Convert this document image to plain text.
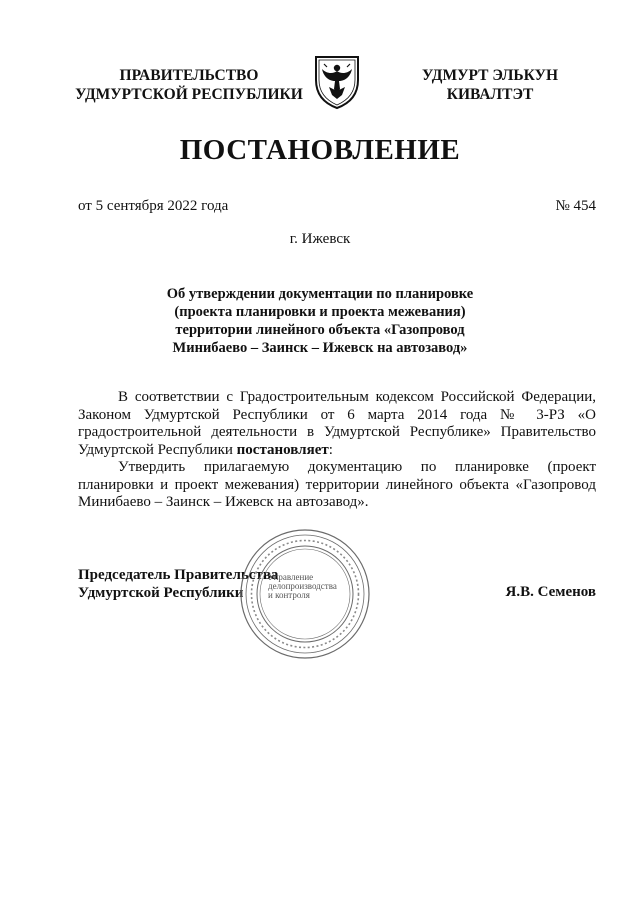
ПРАВИТЕЛЬСТВО
УДМУРТСКОЙ РЕСПУБЛИКИ
УДМУРТ ЭЛЬКУН
КИВАЛТЭТ
ПОСТАНОВЛЕНИЕ
от 5 сентября 2022 года	№ 454
г. Ижевск
Об утверждении документации по планировке
(проекта планировки и проекта межевания)
территории линейного объекта «Газопровод
Минибаево – Заинск – Ижевск на автозавод»

В соответствии с Градостроительным кодексом Российской Федерации, Законом Удмуртской Республики от 6 марта 2014 года № 3-РЗ «О градостроительной деятельности в Удмуртской Республике» Правительство Удмуртской Республики постановляет:

Утвердить прилагаемую документацию по планировке (проект планировки и проект межевания) территории линейного объекта «Газопровод Минибаево – Заинск – Ижевск на автозавод».

Председатель Правительства
Удмуртской Республики	Я.В. Семенов
Управление
делопроизводства
и контроля
